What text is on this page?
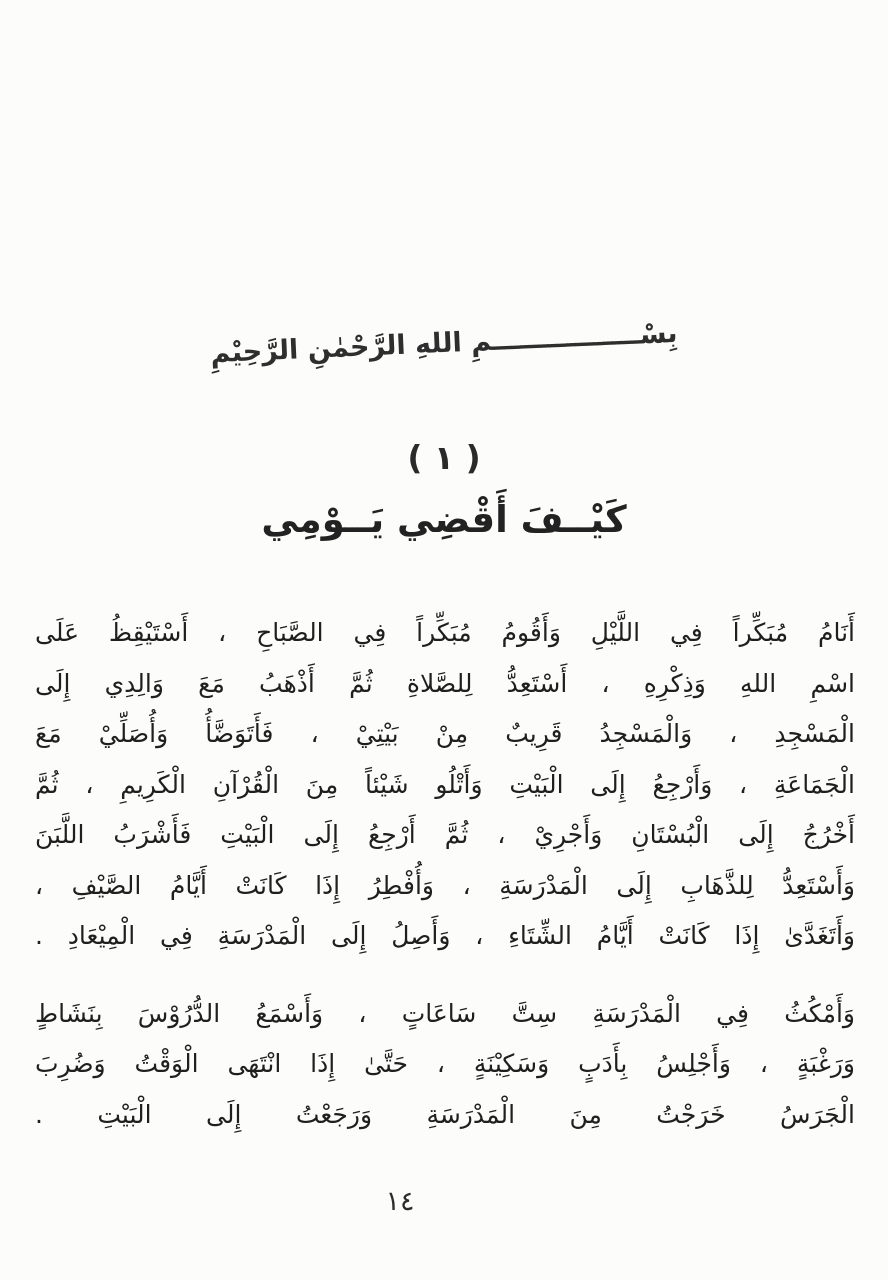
بِسْــــــــــــــــمِ اللهِ الرَّحْمٰنِ الرَّحِيْمِ
( ١ )
كَيْــفَ أَقْضِي يَــوْمِي
أَنَامُ مُبَكِّراً فِي اللَّيْلِ وَأَقُومُ مُبَكِّراً فِي الصَّبَاحِ ، أَسْتَيْقِظُ عَلَى
اسْمِ اللهِ وَذِكْرِهِ ، أَسْتَعِدُّ لِلصَّلاةِ ثُمَّ أَذْهَبُ مَعَ وَالِدِي إِلَى
الْمَسْجِدِ ، وَالْمَسْجِدُ قَرِيبٌ مِنْ بَيْتِيْ ، فَأَتَوَضَّأُ وَأُصَلِّيْ مَعَ
الْجَمَاعَةِ ، وَأَرْجِعُ إِلَى الْبَيْتِ وَأَتْلُو شَيْئاً مِنَ الْقُرْآنِ الْكَرِيمِ ، ثُمَّ
أَخْرُجُ إِلَى الْبُسْتَانِ وَأَجْرِيْ ، ثُمَّ أَرْجِعُ إِلَى الْبَيْتِ فَأَشْرَبُ اللَّبَنَ
وَأَسْتَعِدُّ لِلذَّهَابِ إِلَى الْمَدْرَسَةِ ، وَأُفْطِرُ إِذَا كَانَتْ أَيَّامُ الصَّيْفِ ،
وَأَتَغَدَّىٰ إِذَا كَانَتْ أَيَّامُ الشِّتَاءِ ، وَأَصِلُ إِلَى الْمَدْرَسَةِ فِي الْمِيْعَادِ .
وَأَمْكُثُ فِي الْمَدْرَسَةِ سِتَّ سَاعَاتٍ ، وَأَسْمَعُ الدُّرُوْسَ بِنَشَاطٍ
وَرَغْبَةٍ ، وَأَجْلِسُ بِأَدَبٍ وَسَكِيْنَةٍ ، حَتَّىٰ إِذَا انْتَهَى الْوَقْتُ وَضُرِبَ
الْجَرَسُ خَرَجْتُ مِنَ الْمَدْرَسَةِ وَرَجَعْتُ إِلَى الْبَيْتِ .
١٤
